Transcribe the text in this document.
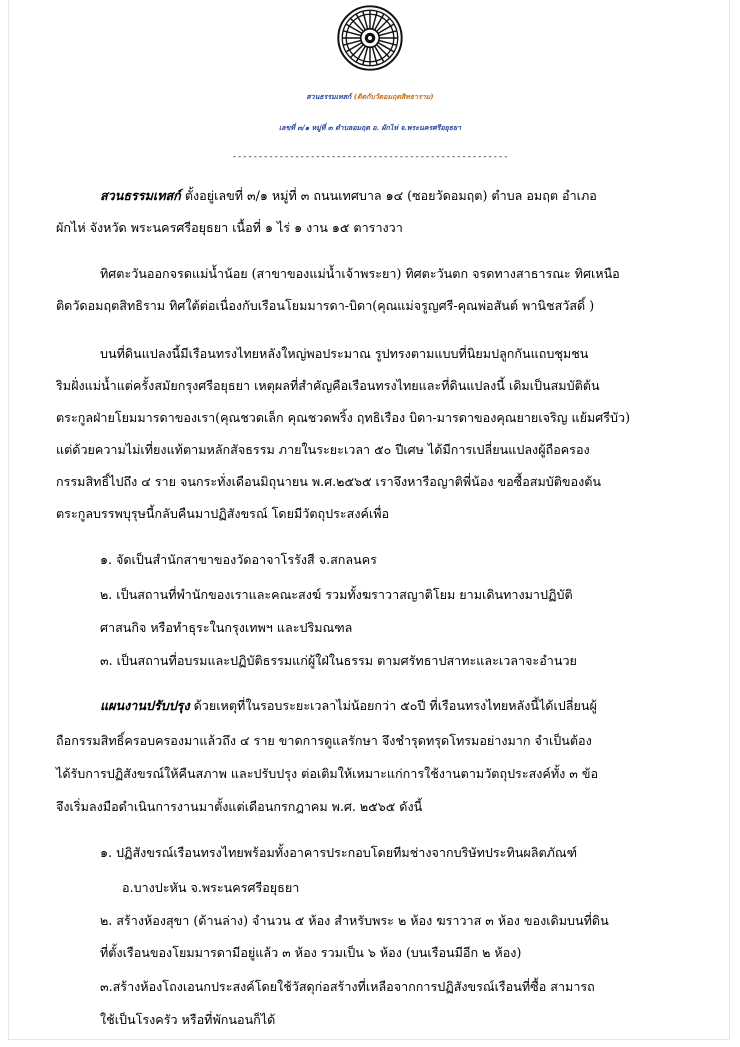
สวนธรรมเทสก์ (ติดกับวัดอมฤตสิทธาราม)
เลขที่ ๓/๑ หมู่ที่ ๓ ตำบลอมฤต อ. ผักไห่ จ.พระนครศรีอยุธยา
-----------------------------------------------------
สวนธรรมเทสก์ ตั้งอยู่เลขที่ ๓/๑ หมู่ที่ ๓ ถนนเทศบาล ๑๔ (ซอยวัดอมฤต) ตำบล อมฤต อำเภอ
ผักไห่ จังหวัด พระนครศรีอยุธยา เนื้อที่ ๑ ไร่ ๑ งาน ๑๕ ตารางวา
ทิศตะวันออกจรดแม่น้ำน้อย (สาขาของแม่น้ำเจ้าพระยา) ทิศตะวันตก จรดทางสาธารณะ ทิศเหนือ
ติดวัดอมฤตสิทธิราม ทิศใต้ต่อเนื่องกับเรือนโยมมารดา-บิดา(คุณแม่จรูญศรี-คุณพ่อสันต์ พานิชสวัสดิ์ )
บนที่ดินแปลงนี้มีเรือนทรงไทยหลังใหญ่พอประมาณ รูปทรงตามแบบที่นิยมปลูกกันแถบชุมชน
ริมฝั่งแม่น้ำแต่ครั้งสมัยกรุงศรีอยุธยา เหตุผลที่สำคัญคือเรือนทรงไทยและที่ดินแปลงนี้ เดิมเป็นสมบัติต้น
ตระกูลฝ่ายโยมมารดาของเรา(คุณชวดเล็ก คุณชวดพริ้ง ฤทธิเรือง บิดา-มารดาของคุณยายเจริญ แย้มศรีบัว)
แต่ด้วยความไม่เที่ยงแท้ตามหลักสัจธรรม ภายในระยะเวลา ๕๐ ปีเศษ ได้มีการเปลี่ยนแปลงผู้ถือครอง
กรรมสิทธิ์ไปถึง ๔ ราย จนกระทั่งเดือนมิถุนายน พ.ศ.๒๕๖๕ เราจึงหารือญาติพี่น้อง ขอซื้อสมบัติของต้น
ตระกูลบรรพบุรุษนี้กลับคืนมาปฏิสังขรณ์ โดยมีวัตถุประสงค์เพื่อ
๑. จัดเป็นสำนักสาขาของวัดอาจาโรรังสี จ.สกลนคร
๒. เป็นสถานที่พำนักของเราและคณะสงฆ์ รวมทั้งฆราวาสญาติโยม ยามเดินทางมาปฏิบัติ
ศาสนกิจ หรือทำธุระในกรุงเทพฯ และปริมณฑล
๓. เป็นสถานที่อบรมและปฏิบัติธรรมแก่ผู้ใฝ่ในธรรม ตามศรัทธาปสาทะและเวลาจะอำนวย
แผนงานปรับปรุง ด้วยเหตุที่ในรอบระยะเวลาไม่น้อยกว่า ๕๐ปี ที่เรือนทรงไทยหลังนี้ได้เปลี่ยนผู้
ถือกรรมสิทธิ์ครอบครองมาแล้วถึง ๔ ราย ขาดการดูแลรักษา จึงชำรุดทรุดโทรมอย่างมาก จำเป็นต้อง
ได้รับการปฏิสังขรณ์ให้คืนสภาพ และปรับปรุง ต่อเติมให้เหมาะแก่การใช้งานตามวัตถุประสงค์ทั้ง ๓ ข้อ
จึงเริ่มลงมือดำเนินการงานมาตั้งแต่เดือนกรกฎาคม พ.ศ. ๒๕๖๕ ดังนี้
๑. ปฏิสังขรณ์เรือนทรงไทยพร้อมทั้งอาคารประกอบโดยทีมช่างจากบริษัทประทินผลิตภัณฑ์
อ.บางปะหัน จ.พระนครศรีอยุธยา
๒. สร้างห้องสุขา (ด้านล่าง) จำนวน ๕ ห้อง สำหรับพระ ๒ ห้อง ฆราวาส ๓ ห้อง ของเดิมบนที่ดิน
ที่ตั้งเรือนของโยมมารดามีอยู่แล้ว ๓ ห้อง รวมเป็น ๖ ห้อง (บนเรือนมีอีก ๒ ห้อง)
๓.สร้างห้องโถงเอนกประสงค์โดยใช้วัสดุก่อสร้างที่เหลือจากการปฏิสังขรณ์เรือนที่ซื้อ สามารถ
ใช้เป็นโรงครัว หรือที่พักนอนก็ได้
